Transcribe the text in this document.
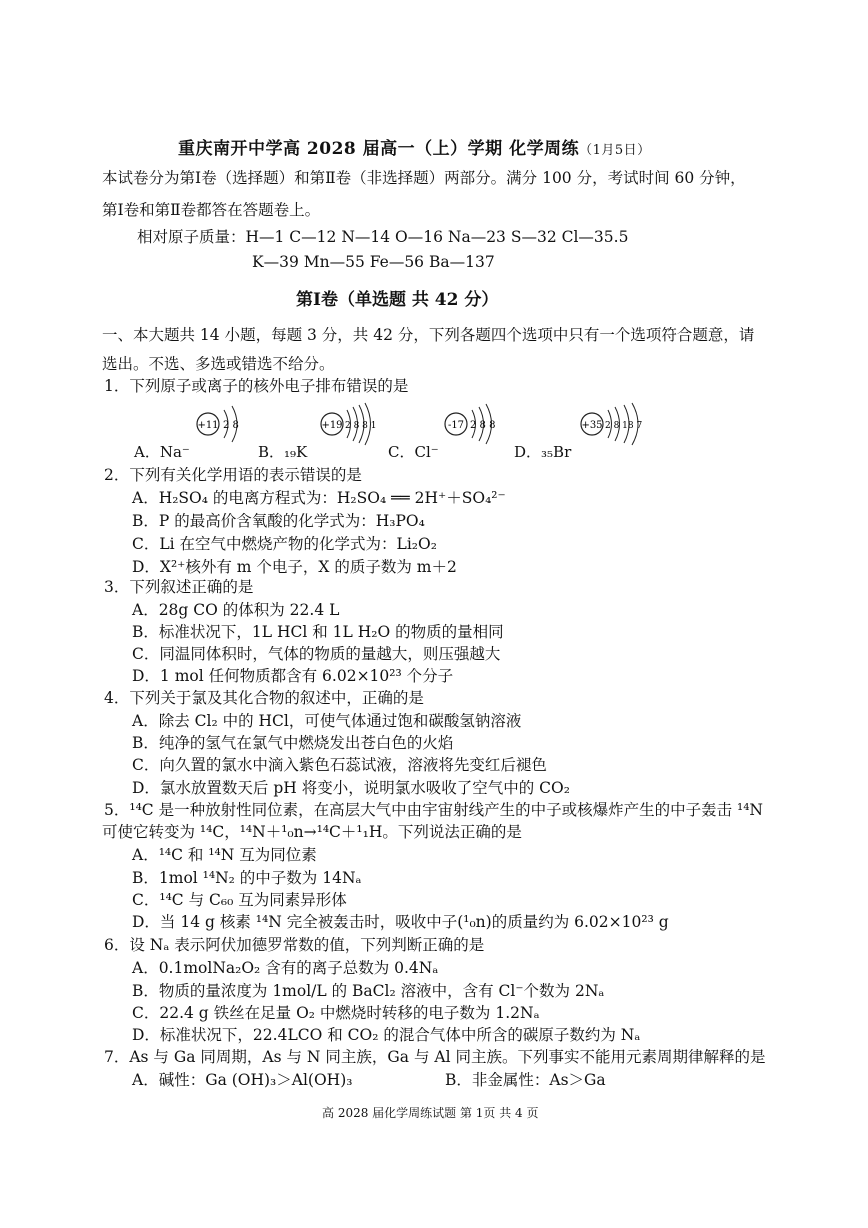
重庆南开中学高 2028 届高一（上）学期 化学周练（1月5日）
本试卷分为第Ⅰ卷（选择题）和第Ⅱ卷（非选择题）两部分。满分 100 分，考试时间 60 分钟，
第Ⅰ卷和第Ⅱ卷都答在答题卷上。
相对原子质量：H—1 C—12 N—14 O—16 Na—23 S—32 Cl—35.5
K—39 Mn—55 Fe—56 Ba—137
第Ⅰ卷（单选题 共 42 分）
一、本大题共 14 小题，每题 3 分，共 42 分，下列各题四个选项中只有一个选项符合题意，请
选出。不选、多选或错选不给分。
1．下列原子或离子的核外电子排布错误的是
+11 2 8
A．Na⁻
+19 2 8 8 1
B．₁₉K
-17 2 8 8
C．Cl⁻
+35 2 8 18 7
D．₃₅Br
2．下列有关化学用语的表示错误的是
A．H₂SO₄ 的电离方程式为：H₂SO₄ ══ 2H⁺＋SO₄²⁻
B．P 的最高价含氧酸的化学式为：H₃PO₄
C．Li 在空气中燃烧产物的化学式为：Li₂O₂
D．X²⁺核外有 m 个电子，X 的质子数为 m＋2
3．下列叙述正确的是
A．28g CO 的体积为 22.4 L
B．标准状况下，1L HCl 和 1L H₂O 的物质的量相同
C．同温同体积时，气体的物质的量越大，则压强越大
D．1 mol 任何物质都含有 6.02×10²³ 个分子
4．下列关于氯及其化合物的叙述中，正确的是
A．除去 Cl₂ 中的 HCl，可使气体通过饱和碳酸氢钠溶液
B．纯净的氢气在氯气中燃烧发出苍白色的火焰
C．向久置的氯水中滴入紫色石蕊试液，溶液将先变红后褪色
D．氯水放置数天后 pH 将变小，说明氯水吸收了空气中的 CO₂
5．¹⁴C 是一种放射性同位素，在高层大气中由宇宙射线产生的中子或核爆炸产生的中子轰击 ¹⁴N
可使它转变为 ¹⁴C，¹⁴N＋¹₀n→¹⁴C＋¹₁H。下列说法正确的是
A．¹⁴C 和 ¹⁴N 互为同位素
B．1mol ¹⁴N₂ 的中子数为 14Nₐ
C．¹⁴C 与 C₆₀ 互为同素异形体
D．当 14 g 核素 ¹⁴N 完全被轰击时，吸收中子(¹₀n)的质量约为 6.02×10²³ g
6．设 Nₐ 表示阿伏加德罗常数的值，下列判断正确的是
A．0.1molNa₂O₂ 含有的离子总数为 0.4Nₐ
B．物质的量浓度为 1mol/L 的 BaCl₂ 溶液中，含有 Cl⁻个数为 2Nₐ
C．22.4 g 铁丝在足量 O₂ 中燃烧时转移的电子数为 1.2Nₐ
D．标准状况下，22.4LCO 和 CO₂ 的混合气体中所含的碳原子数约为 Nₐ
7．As 与 Ga 同周期，As 与 N 同主族，Ga 与 Al 同主族。下列事实不能用元素周期律解释的是
A．碱性：Ga (OH)₃＞Al(OH)₃	B．非金属性：As＞Ga
高 2028 届化学周练试题 第 1页 共 4 页
